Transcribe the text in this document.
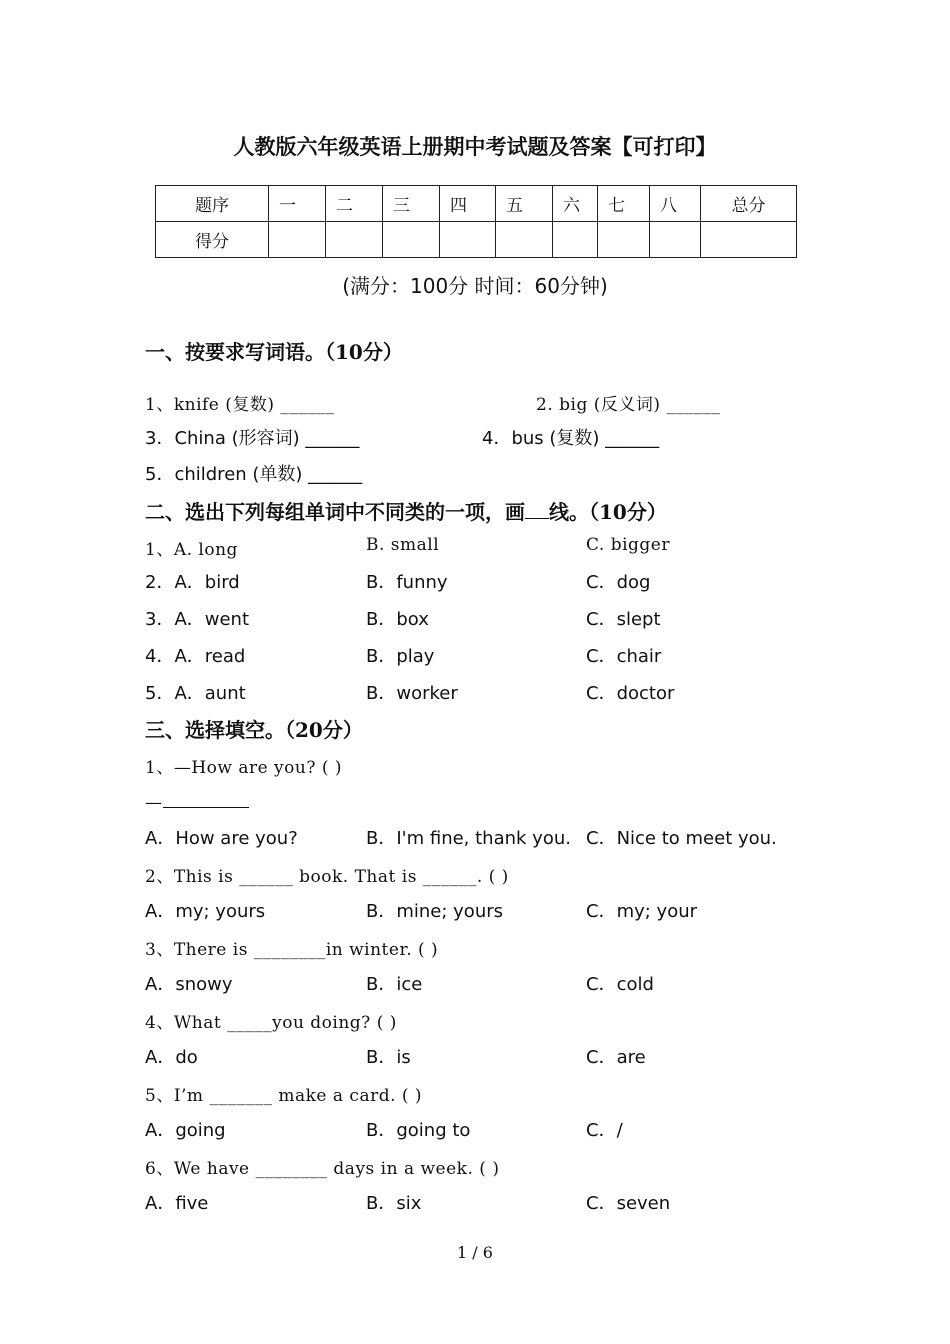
人教版六年级英语上册期中考试题及答案【可打印】
题序	一	二	三	四	五	六	七	八	总分
得分									
(满分：100分 时间：60分钟)
一、按要求写词语。（10分）
1、knife (复数) ______	2. big (反义词) ______
3．China (形容词) ______	4．bus (复数) ______
5．children (单数) ______
二、选出下列每组单词中不同类的一项，画 线。（10分）
1、A. long	B. small	C. bigger
2．A．bird	B．funny	C．dog
3．A．went	B．box	C．slept
4．A．read	B．play	C．chair
5．A．aunt	B．worker	C．doctor
三、选择填空。（20分）
1、—How are you? ( )
—
A．How are you?	B．I'm fine, thank you. C．Nice to meet you.
2、This is ______ book. That is ______. ( )
A．my; yours	B．mine; yours	C．my; your
3、There is ________in winter. ( )
A．snowy	B．ice	C．cold
4、What _____you doing? ( )
A．do	B．is	C．are
5、I’m _______ make a card. ( )
A．going	B．going to	C．/
6、We have ________ days in a week. ( )
A．five	B．six	C．seven
1 / 6
